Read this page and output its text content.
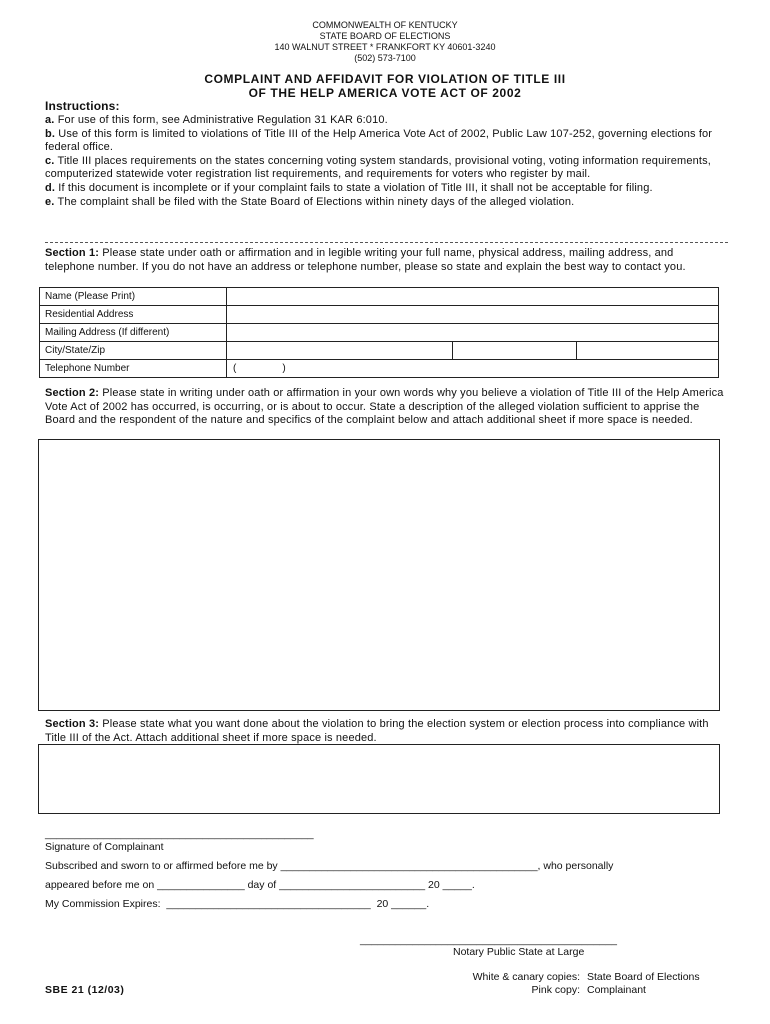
COMMONWEALTH OF KENTUCKY
STATE BOARD OF ELECTIONS
140 WALNUT STREET * FRANKFORT KY 40601-3240
(502) 573-7100
COMPLAINT AND AFFIDAVIT FOR VIOLATION OF TITLE III
OF THE HELP AMERICA VOTE ACT OF 2002
Instructions:
a. For use of this form, see Administrative Regulation 31 KAR 6:010.
b. Use of this form is limited to violations of Title III of the Help America Vote Act of 2002, Public Law 107-252, governing elections for federal office.
c. Title III places requirements on the states concerning voting system standards, provisional voting, voting information requirements, computerized statewide voter registration list requirements, and requirements for voters who register by mail.
d. If this document is incomplete or if your complaint fails to state a violation of Title III, it shall not be acceptable for filing.
e. The complaint shall be filed with the State Board of Elections within ninety days of the alleged violation.
Section 1: Please state under oath or affirmation and in legible writing your full name, physical address, mailing address, and telephone number. If you do not have an address or telephone number, please so state and explain the best way to contact you.
Name (Please Print)			
Residential Address			
Mailing Address (If different)			
City/State/Zip			
Telephone Number	( )		
Section 2: Please state in writing under oath or affirmation in your own words why you believe a violation of Title III of the Help America Vote Act of 2002 has occurred, is occurring, or is about to occur. State a description of the alleged violation sufficient to apprise the Board and the respondent of the nature and specifics of the complaint below and attach additional sheet if more space is needed.
Section 3: Please state what you want done about the violation to bring the election system or election process into compliance with Title III of the Act. Attach additional sheet if more space is needed.
______________________________________________
Signature of Complainant
Subscribed and sworn to or affirmed before me by ____________________________________________, who personally
appeared before me on _______________ day of _________________________ 20 _____.
My Commission Expires:  ___________________________________  20 ______.
____________________________________________
Notary Public State at Large
SBE 21 (12/03)
White & canary copies: State Board of Elections
Pink copy: Complainant
